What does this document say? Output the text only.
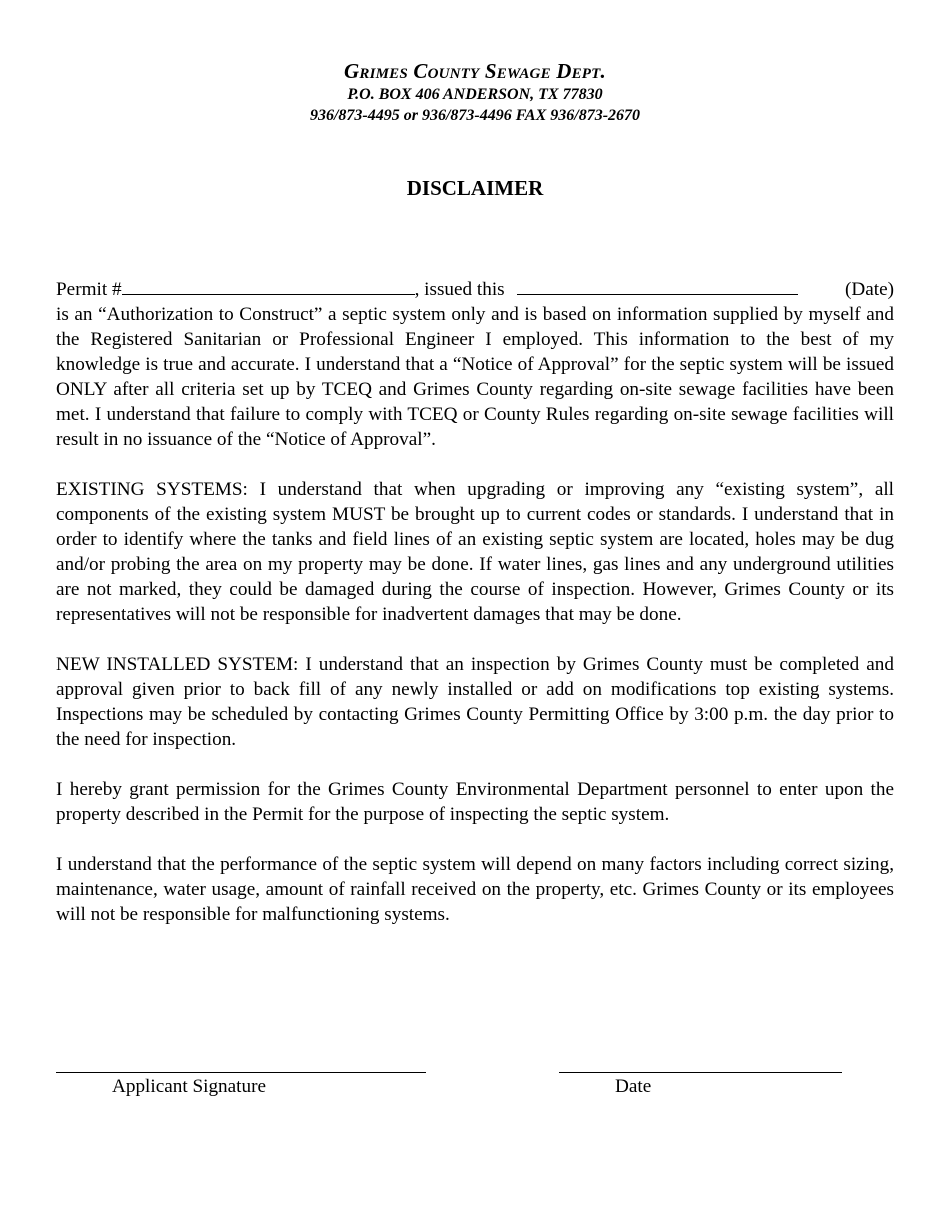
Grimes County Sewage Dept.
P.O. BOX 406 ANDERSON, TX 77830
936/873-4495 or 936/873-4496 FAX 936/873-2670
DISCLAIMER
Permit #	, issued this	(Date)

is an “Authorization to Construct” a septic system only and is based on information supplied by myself and the Registered Sanitarian or Professional Engineer I employed. This information to the best of my knowledge is true and accurate. I understand that a “Notice of Approval” for the septic system will be issued ONLY after all criteria set up by TCEQ and Grimes County regarding on-site sewage facilities have been met. I understand that failure to comply with TCEQ or County Rules regarding on-site sewage facilities will result in no issuance of the “Notice of Approval”.

EXISTING SYSTEMS: I understand that when upgrading or improving any “existing system”, all components of the existing system MUST be brought up to current codes or standards. I understand that in order to identify where the tanks and field lines of an existing septic system are located, holes may be dug and/or probing the area on my property may be done. If water lines, gas lines and any underground utilities are not marked, they could be damaged during the course of inspection. However, Grimes County or its representatives will not be responsible for inadvertent damages that may be done.

NEW INSTALLED SYSTEM: I understand that an inspection by Grimes County must be completed and approval given prior to back fill of any newly installed or add on modifications top existing systems. Inspections may be scheduled by contacting Grimes County Permitting Office by 3:00 p.m. the day prior to the need for inspection.

I hereby grant permission for the Grimes County Environmental Department personnel to enter upon the property described in the Permit for the purpose of inspecting the septic system.

I understand that the performance of the septic system will depend on many factors including correct sizing, maintenance, water usage, amount of rainfall received on the property, etc. Grimes County or its employees will not be responsible for malfunctioning systems.

Applicant Signature	Date
